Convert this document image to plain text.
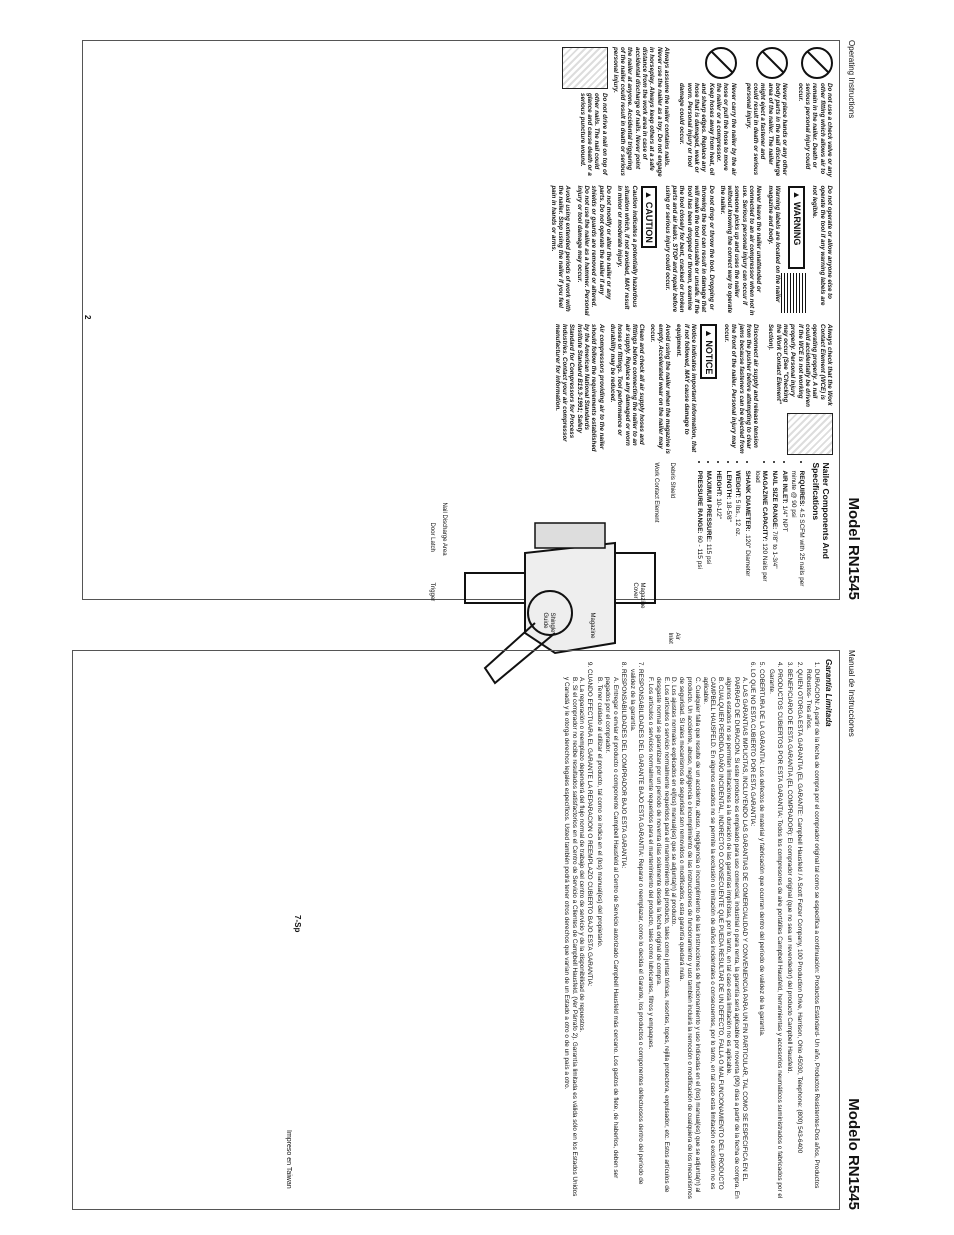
Operating Instructions
Model RN1545

Do not use a check valve or any other fitting which allows air to remain in the nailer. Death or serious personal injury could occur.

Never place hands or any other body parts in the nail discharge area of the nailer. The nailer might eject a fastener and could result in death or serious personal injury.

Never carry the nailer by the air hose or pull the hose to move the nailer or a compressor. Keep hoses away from heat, oil and sharp edges. Replace any hose that is damaged, weak or worn. Personal injury or tool damage could occur.

Always assume the nailer contains nails. Never use the nailer as a toy. Do not engage in horseplay. Always keep others at a safe distance from the work area in case of accidental discharge of nails. Never point the nailer at anyone. Accidental triggering of the nailer could result in death or serious personal injury.

Do not drive a nail on top of other nails. The nail could glance and cause death or a serious puncture wound.

Do not operate or allow anyone else to operate the tool if any warning labels are not legible.

▲ WARNING

Warning labels are located on the nailer magazine and body.

Never leave the nailer unattended or connected to an air compressor when not in use. Serious personal injury can occur if someone picks up and uses the nailer without knowing the correct way to operate the nailer.

Do not drop or throw the tool. Dropping or throwing the tool can result in damage that will make the tool unusable or unsafe. If the tool has been dropped or thrown, examine the tool closely for bent, cracked or broken parts and air leaks. STOP and repair before using or serious injury could occur.

▲ CAUTION

Caution indicates a potentially hazardous situation which, if not avoided, MAY result in minor or moderate injury.

Do not modify or alter the nailer or any parts. Do not operate the nailer if any shields or guards are removed or altered. Do not use the nailer as a hammer. Personal injury or tool damage may occur.

Avoid using extended periods of work with the nailer. Stop using the nailer if you feel pain in hands or arms.

Always check that the Work Contact Element (WCE) is operating properly. A nail could accidentally be driven if the WCE is not working properly. Personal injury may occur (See "Checking the Work Contact Element" Section).

Disconnect air supply and release tension from the pusher before attempting to clear jams because fasteners can be ejected from the front of the nailer. Personal injury may occur.

▲ NOTICE

Notice indicates important information, that if not followed, MAY cause damage to equipment.

Avoid using the nailer when the magazine is empty. Accelerated wear on the nailer may occur.

Clean and check all air supply hoses and fittings before connecting the nailer to an air supply. Replace any damaged or worn hoses or fittings. Tool performance or durability may be reduced.

Air compressors providing air to the nailer should follow the requirements established by the American National Standards Institute Standard B19.3-1991; Safety Standard for Compressors for Process Industries. Contact your air compressor manufacturer for information.

Nailer Components And Specifications
• REQUIRES: 4.5 SCFM with 25 nails per minute @ 90 psi
• AIR INLET: 1/4" NPT
• NAIL SIZE RANGE: 7/8" to 1-3/4"
• MAGAZINE CAPACITY: 120 Nails per load
• SHANK DIAMETER: .120" Diameter
• WEIGHT: 5 lbs., 12 oz.
• LENGTH: 18-5/8"
• HEIGHT: 10-1/2"
• MAXIMUM PRESSURE: 115 psi
• PRESSURE RANGE: 60 - 115 psi
Debris Shield
Work Contact Element
Air Inlet
Magazine Cover
Magazine
Shingle Guide
Nail Discharge Area
Door Latch
Trigger
2
Manual de Instrucciones
Modelo RN1545
Garantía Limitada
1. DURACION: A partir de la fecha de compra por el comprador original tal como se especifica a continuación: Productos Estándard- Un año, Productos Resistentes-Dos años, Productos Robustos- Tres años.
2. QUIEN OTORGA ESTA GARANTIA (EL GARANTE: Campbell Hausfeld / A Scott Fetzer Company, 100 Production Drive, Harrison, Ohio 45030, Telephone: (800) 543-6400
3. BENEFICIARIO DE ESTA GARANTIA (EL COMPRADOR): El comprador original (que no sea un revendedor) del producto Campbell Hausfeld.
4. PRODUCTOS CUBIERTOS POR ESTA GARANTIA: Todos los compresores de aire portátiles Campbell Hausfeld, herramientas y accesorios neumáticos suministrados o fabricados por el Garante.
5. COBERTURA DE LA GARANTIA: Los defectos de material y fabricación que ocurran dentro del período de validez de la garantía.
6. LO QUE NO ESTA CUBIERTO POR ESTA GARANTIA:
A. LAS GARANTIAS IMPLICITAS, INCLUYENDO LAS GARANTIAS DE COMERCIALIDAD Y CONVENIENCIA PARA UN FIN PARTICULAR, TAL COMO SE ESPECIFICA EN EL PARRAFO DE DURACION. Si este producto es empleado para uso comercial, industrial o para renta, la garantía será aplicable por noventa (90) días a partir de la fecha de compra. En algunos estados no se permiten limitaciones a la duración de las garantías implícitas, por lo tanto, en tal caso esta limitación no es aplicable.
B. CUALQUIER PERDIDA DAÑO INCIDENTAL, INDIRECTO O CONSECUENTE QUE PUEDA RESULTAR DE UN DEFECTO, FALLA O MALFUNCIONAMIENTO DEL PRODUCTO CAMPBELL HAUSFELD. En algunos estados no se permite la exclusión o limitación de daños incidentales o consecuentes, por lo tanto, en tal caso esta limitación o exclusión no es aplicable.
C. Cualquier falla que resulte de un accidente, abuso, negligencia o incumplimiento de las instrucciones de funcionamiento y uso indicadas en el (los) manual(es) que se adjunta(n) al producto. Un accidente, abuso, negligencia o incumplimiento de las instrucciones de funcionamiento y uso también incluirá la remoción o modificación de cualquiera de los mecanismos de seguridad. Si tales mecanismos de seguridad son removidos o modificados, esta garantía quedará nula.
D. Los ajustes normales explicados en el(los) manual(es) que se adjunta(n) al producto.
E. Los artículos o servicio normalmente requeridos para el mantenimiento del producto, tales como juntas tóricas, resortes, topes, rejilla protectora, expulsador, etc. Estos artículos de desgaste normal se garantizan por un período de noventa días solamente desde la fecha original de compra.
F. Los artículos o servicios normalmente requeridos para el mantenimiento del producto, tales como lubricantes, filtros y empaques.
7. RESPONSABILIDADES DEL GARANTE BAJO ESTA GARANTIA: Reparar o reemplazar, como lo decida el Garante, los productos o componentes defectuosos dentro del período de validez de la garantía.
8. RESPONSABILIDADES DEL COMPRADOR BAJO ESTA GARANTIA:
A. Entregar o enviar el producto o componente Campbell Hausfeld al Centro de Servicio autorizado Campbell Hausfeld más cercano. Los gastos de flete, de haberlos, deben ser pagados por el comprador.
B. Tener cuidado al utilizar el producto, tal como se indica en el (los) manual(es) del propietario.
9. CUANDO EFECTUARA EL GARANTE LA REPARACION O REEMPLAZO CUBIERTO BAJO ESTA GARANTIA:
A. La reparación o reemplazo dependerá del flujo normal de trabajo del centro de servicio y de la disponibilidad de repuestos.
B. Si el comprador no recibe resultados satisfactorios en el Centro de Servicio a Clientes de Campbell Hausfeld. (Ver Párrafo 2). Garantía limitada es válida sólo en los Estados Unidos y Canadá y le otorga derechos legales específicos. Usted también podrá tener otros derechos que varían de un Estado a otro o de un país a otro.
7-Sp
Impreso en Taiwan
